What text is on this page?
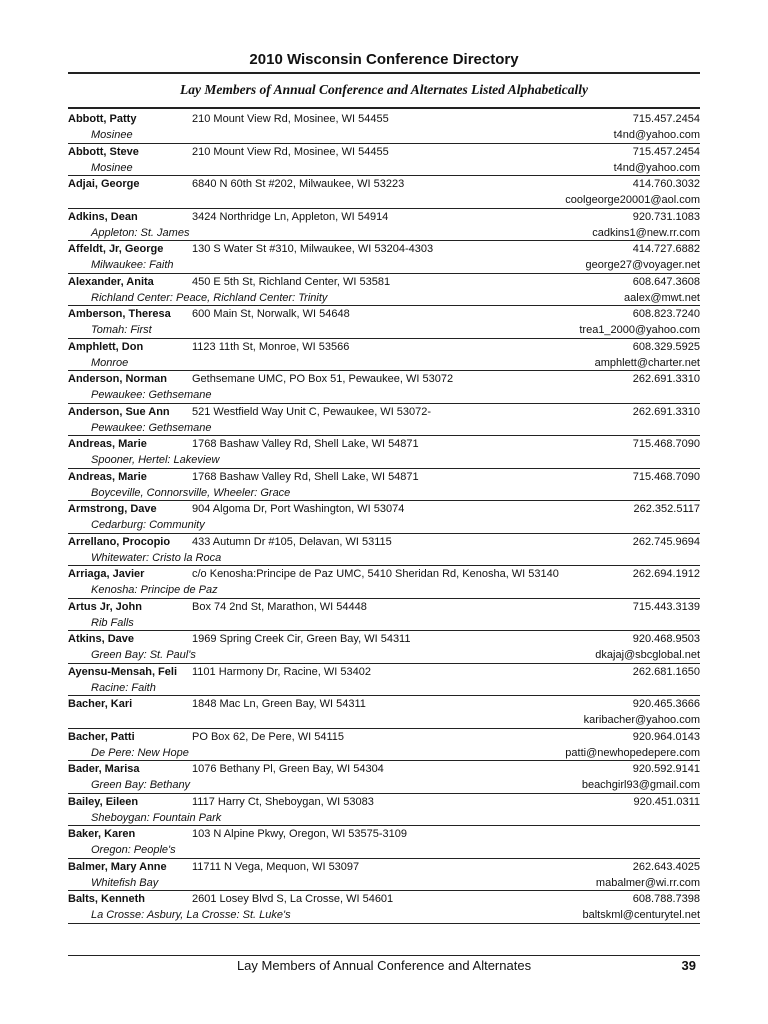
2010 Wisconsin Conference Directory
Lay Members of Annual Conference and Alternates Listed Alphabetically
Abbott, Patty	210 Mount View Rd, Mosinee, WI 54455	715.457.2454
Mosinee	t4nd@yahoo.com
Abbott, Steve	210 Mount View Rd, Mosinee, WI 54455	715.457.2454
Mosinee	t4nd@yahoo.com
Adjai, George	6840 N 60th St #202, Milwaukee, WI 53223	414.760.3032
coolgeorge20001@aol.com
Adkins, Dean	3424 Northridge Ln, Appleton, WI 54914	920.731.1083
Appleton: St. James	cadkins1@new.rr.com
Affeldt, Jr, George	130 S Water St #310, Milwaukee, WI 53204-4303	414.727.6882
Milwaukee: Faith	george27@voyager.net
Alexander, Anita	450 E 5th St, Richland Center, WI 53581	608.647.3608
Richland Center: Peace, Richland Center: Trinity	aalex@mwt.net
Amberson, Theresa	600 Main St, Norwalk, WI 54648	608.823.7240
Tomah: First	trea1_2000@yahoo.com
Amphlett, Don	1123 11th St, Monroe, WI 53566	608.329.5925
Monroe	amphlett@charter.net
Anderson, Norman	Gethsemane UMC, PO Box 51, Pewaukee, WI 53072	262.691.3310
Pewaukee: Gethsemane
Anderson, Sue Ann	521 Westfield Way Unit C, Pewaukee, WI 53072-	262.691.3310
Pewaukee: Gethsemane
Andreas, Marie	1768 Bashaw Valley Rd, Shell Lake, WI 54871	715.468.7090
Spooner, Hertel: Lakeview
Andreas, Marie	1768 Bashaw Valley Rd, Shell Lake, WI 54871	715.468.7090
Boyceville, Connorsville, Wheeler: Grace
Armstrong, Dave	904 Algoma Dr, Port Washington, WI 53074	262.352.5117
Cedarburg: Community
Arrellano, Procopio	433 Autumn Dr #105, Delavan, WI 53115	262.745.9694
Whitewater: Cristo la Roca
Arriaga, Javier	c/o Kenosha:Principe de Paz UMC, 5410 Sheridan Rd, Kenosha, WI 53140	262.694.1912
Kenosha: Principe de Paz
Artus Jr, John	Box 74 2nd St, Marathon, WI 54448	715.443.3139
Rib Falls
Atkins, Dave	1969 Spring Creek Cir, Green Bay, WI 54311	920.468.9503
Green Bay: St. Paul's	dkajaj@sbcglobal.net
Ayensu-Mensah, Feli	1101 Harmony Dr, Racine, WI 53402	262.681.1650
Racine: Faith
Bacher, Kari	1848 Mac Ln, Green Bay, WI 54311	920.465.3666
karibacher@yahoo.com
Bacher, Patti	PO Box 62, De Pere, WI 54115	920.964.0143
De Pere: New Hope	patti@newhopedepere.com
Bader, Marisa	1076 Bethany Pl, Green Bay, WI 54304	920.592.9141
Green Bay: Bethany	beachgirl93@gmail.com
Bailey, Eileen	1117 Harry Ct, Sheboygan, WI 53083	920.451.0311
Sheboygan: Fountain Park
Baker, Karen	103 N Alpine Pkwy, Oregon, WI 53575-3109
Oregon: People's
Balmer, Mary Anne	11711 N Vega, Mequon, WI 53097	262.643.4025
Whitefish Bay	mabalmer@wi.rr.com
Balts, Kenneth	2601 Losey Blvd S, La Crosse, WI 54601	608.788.7398
La Crosse: Asbury, La Crosse: St. Luke's	baltskml@centurytel.net
Lay Members of Annual Conference and Alternates	39
